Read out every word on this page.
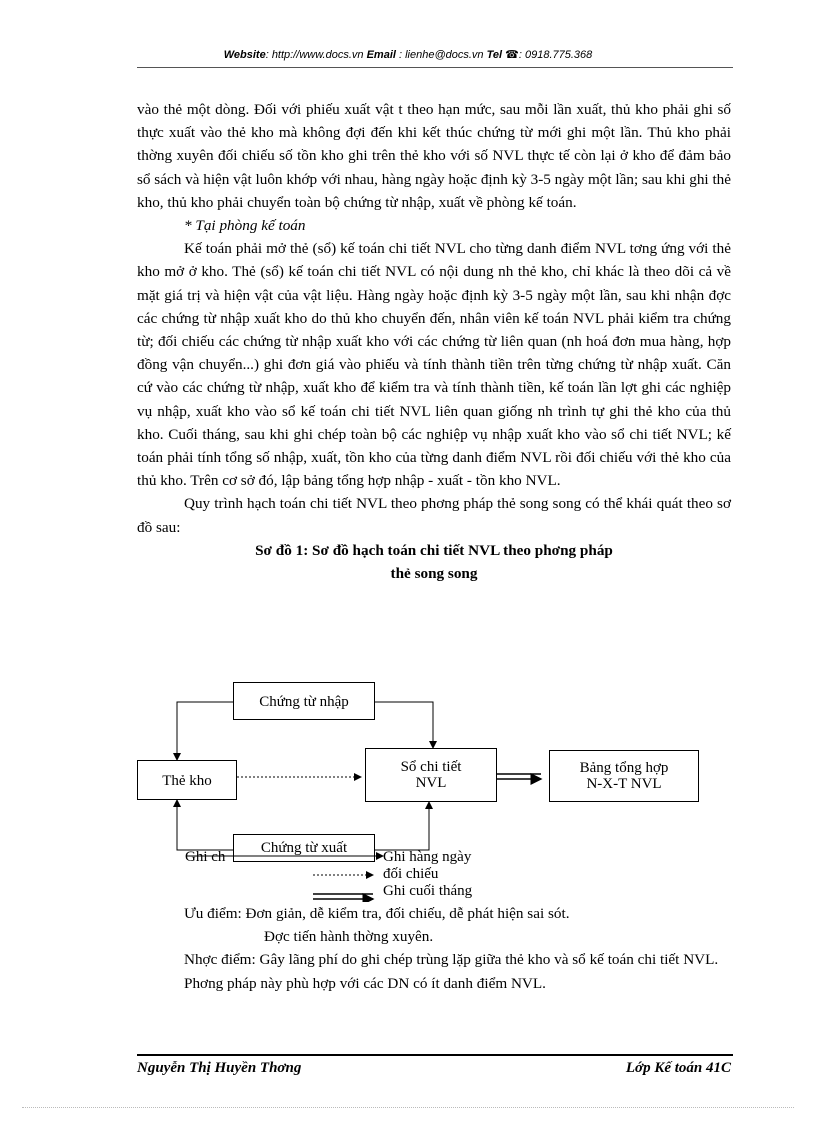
Website: http://www.docs.vn Email : lienhe@docs.vn Tel ☎: 0918.775.368

vào thẻ một dòng. Đối với phiếu xuất vật t theo hạn mức, sau mỗi lần xuất, thủ kho phải ghi số thực xuất vào thẻ kho mà không đợi đến khi kết thúc chứng từ mới ghi một lần. Thủ kho phải thờng xuyên đối chiếu số tồn kho ghi trên thẻ kho với số NVL thực tế còn lại ở kho để đảm bảo sổ sách và hiện vật luôn khớp với nhau, hàng ngày hoặc định kỳ 3-5 ngày một lần; sau khi ghi thẻ kho, thủ kho phải chuyển toàn bộ chứng từ nhập, xuất về phòng kế toán.

* Tại phòng kế toán

Kế toán phải mở thẻ (sổ) kế toán chi tiết NVL cho từng danh điểm NVL tơng ứng với thẻ kho mở ở kho. Thẻ (sổ) kế toán chi tiết NVL có nội dung nh thẻ kho, chỉ khác là theo dõi cả về mặt giá trị và hiện vật của vật liệu. Hàng ngày hoặc định kỳ 3-5 ngày một lần, sau khi nhận đợc các chứng từ nhập xuất kho do thủ kho chuyển đến, nhân viên kế toán NVL phải kiểm tra chứng từ; đối chiếu các chứng từ nhập xuất kho với các chứng từ liên quan (nh hoá đơn mua hàng, hợp đồng vận chuyển...) ghi đơn giá vào phiếu và tính thành tiền trên từng chứng từ nhập xuất. Căn cứ vào các chứng từ nhập, xuất kho để kiểm tra và tính thành tiền, kế toán lần lợt ghi các nghiệp vụ nhập, xuất kho vào sổ kế toán chi tiết NVL liên quan giống nh trình tự ghi thẻ kho của thủ kho. Cuối tháng, sau khi ghi chép toàn bộ các nghiệp vụ nhập xuất kho vào sổ chi tiết NVL; kế toán phải tính tổng số nhập, xuất, tồn kho của từng danh điểm NVL rồi đối chiếu với thẻ kho của thủ kho. Trên cơ sở đó, lập bảng tổng hợp nhập - xuất - tồn kho NVL.

Quy trình hạch toán chi tiết NVL theo phơng pháp thẻ song song có thể khái quát theo sơ đồ sau:

Sơ đồ 1: Sơ đồ hạch toán chi tiết NVL theo phơng pháp

thẻ song song

Chứng từ nhập
Thẻ kho
Sổ chi tiết
NVL
Bảng tổng hợp
N-X-T NVL
Ghi ch
Chứng từ xuất
Ghi hàng ngày
đối chiếu
Ghi cuối tháng

Ưu điểm: Đơn giản, dễ kiểm tra, đối chiếu, dễ phát hiện sai sót.

Đợc tiến hành thờng xuyên.

Nhợc điểm: Gây lãng phí do ghi chép trùng lặp giữa thẻ kho và sổ kế toán chi tiết NVL.

Phơng pháp này phù hợp với các DN có ít danh điểm NVL.

Nguyễn Thị Huyền Thơng	Lớp Kế toán 41C
